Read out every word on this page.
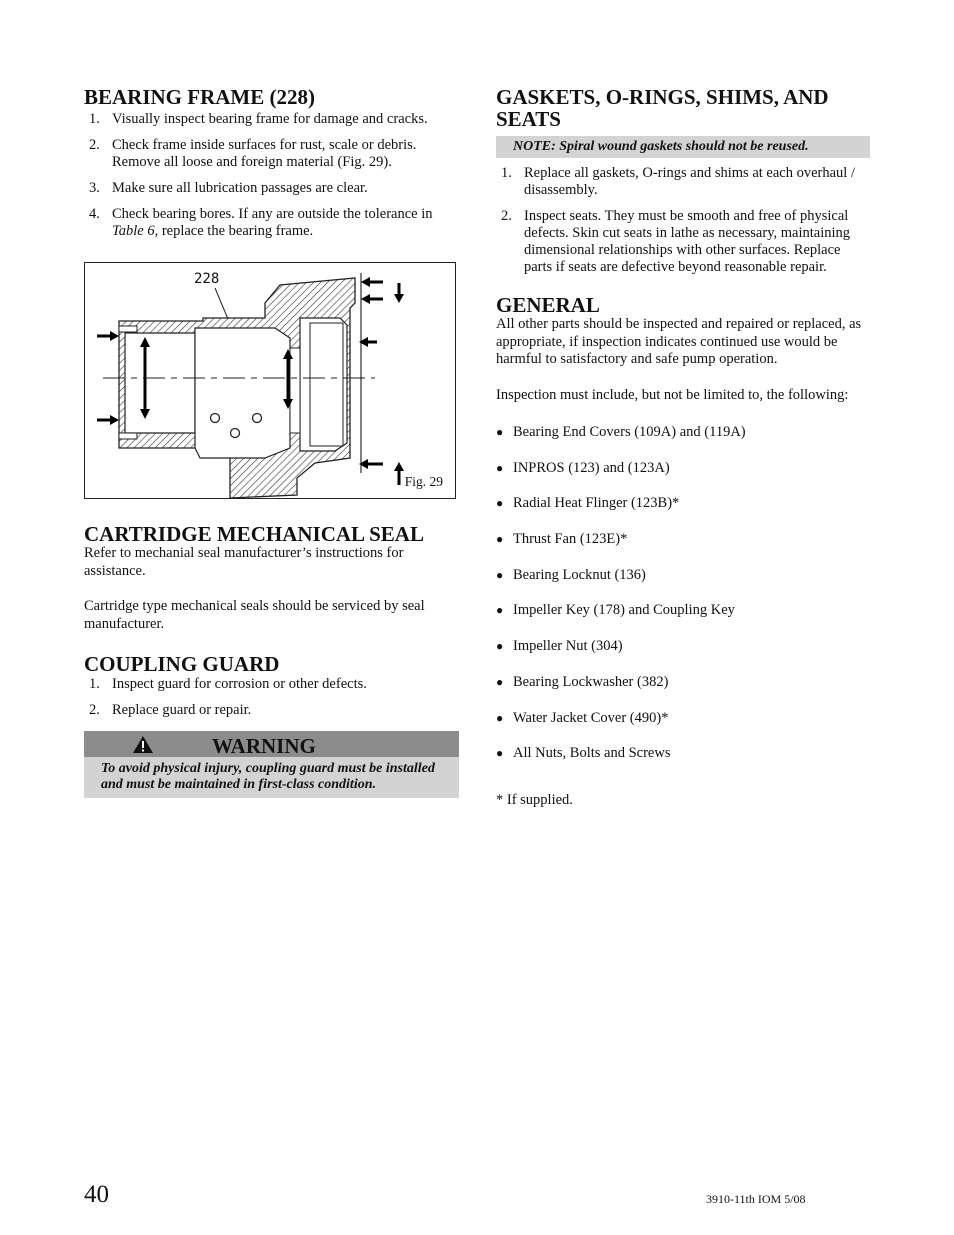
BEARING FRAME (228)
1. Visually inspect bearing frame for damage and cracks.
2. Check frame inside surfaces for rust, scale or debris. Remove all loose and foreign material (Fig. 29).
3. Make sure all lubrication passages are clear.
4. Check bearing bores. If any are outside the tolerance in Table 6, replace the bearing frame.
228
Fig. 29
CARTRIDGE MECHANICAL SEAL

Refer to mechanial seal manufacturer’s instructions for assistance.

Cartridge type mechanical seals should be serviced by seal manufacturer.

COUPLING GUARD
1. Inspect guard for corrosion or other defects.
2. Replace guard or repair.
WARNING
To avoid physical injury, coupling guard must be installed and must be maintained in first-class condition.
GASKETS, O-RINGS, SHIMS, AND SEATS
NOTE: Spiral wound gaskets should not be reused.
1. Replace all gaskets, O-rings and shims at each overhaul / disassembly.
2. Inspect seats. They must be smooth and free of physical defects. Skin cut seats in lathe as necessary, maintaining dimensional relationships with other surfaces. Replace parts if seats are defective beyond reasonable repair.
GENERAL

All other parts should be inspected and repaired or replaced, as appropriate, if inspection indicates continued use would be harmful to satisfactory and safe pump operation.

Inspection must include, but not be limited to, the following:

● Bearing End Covers (109A) and (119A)
● INPROS (123) and (123A)
● Radial Heat Flinger (123B)*
● Thrust Fan (123E)*
● Bearing Locknut (136)
● Impeller Key (178) and Coupling Key
● Impeller Nut (304)
● Bearing Lockwasher (382)
● Water Jacket Cover (490)*
● All Nuts, Bolts and Screws

* If supplied.

40	3910-11th IOM 5/08
